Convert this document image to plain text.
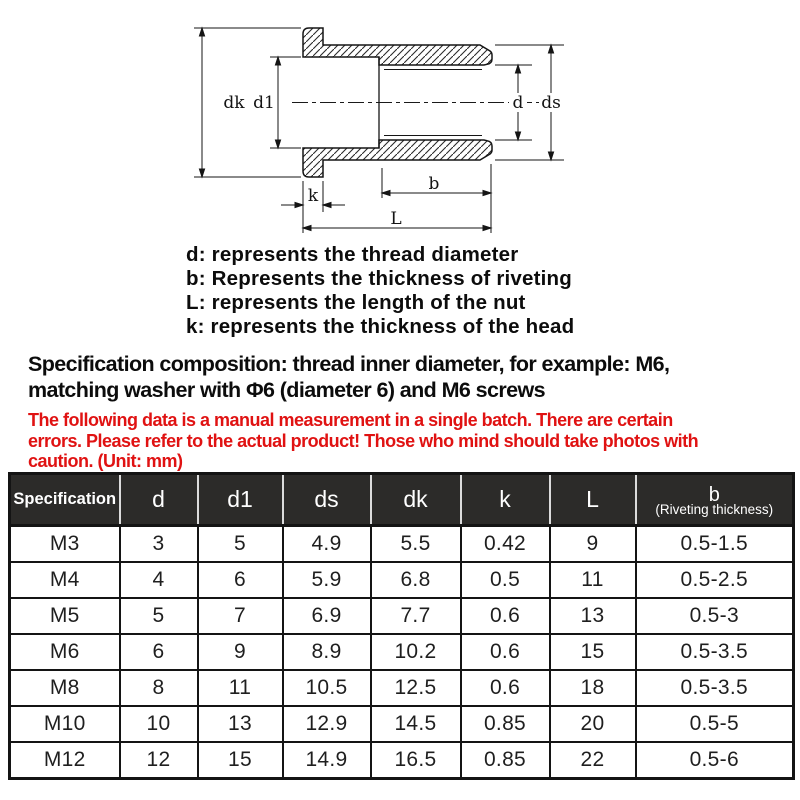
dk d1	d ds
k
b
L
d: represents the thread diameter
b: Represents the thickness of riveting
L: represents the length of the nut
k: represents the thickness of the head
Specification composition: thread inner diameter, for example: M6,
matching washer with Φ6 (diameter 6) and M6 screws
The following data is a manual measurement in a single batch. There are certain
errors. Please refer to the actual product! Those who mind should take photos with
caution. (Unit: mm)
Specification	d	d1	ds	dk	k	L	b
(Riveting thickness)

M3	3	5	4.9	5.5	0.42	9	0.5-1.5
M4	4	6	5.9	6.8	0.5	11	0.5-2.5
M5	5	7	6.9	7.7	0.6	13	0.5-3
M6	6	9	8.9	10.2	0.6	15	0.5-3.5
M8	8	11	10.5	12.5	0.6	18	0.5-3.5
M10	10	13	12.9	14.5	0.85	20	0.5-5
M12	12	15	14.9	16.5	0.85	22	0.5-6
